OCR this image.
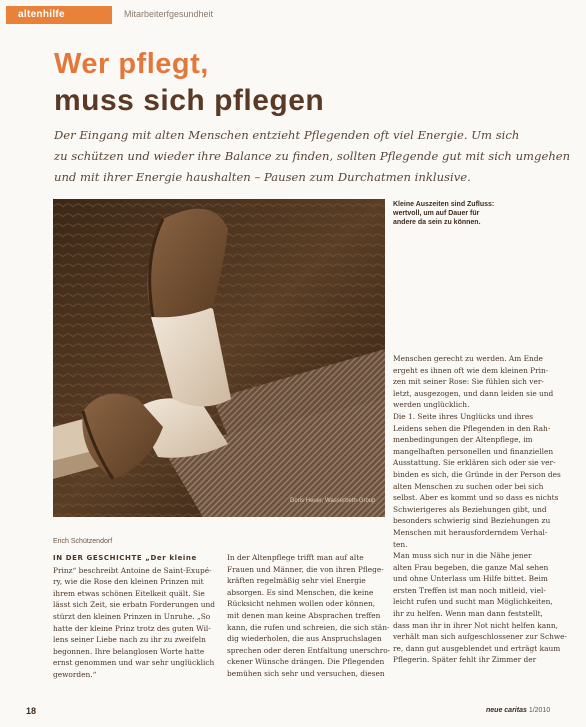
altenhilfe	Mitarbeiterfgesundheit
Wer pflegt,
muss sich pflegen
Der Eingang mit alten Menschen entzieht Pflegenden oft viel Energie. Um sich
zu schützen und wieder ihre Balance zu finden, sollten Pflegende gut mit sich umgehen
und mit ihrer Energie haushalten – Pausen zum Durchatmen inklusive.
Doris Heuer, Wasserbeth-Group
Kleine Auszeiten sind Zufluss:
wertvoll, um auf Dauer für
andere da sein zu können.
Erich Schützendorf
IN DER GESCHICHTE „Der kleine
Prinz“ beschreibt Antoine de Saint-Exupé-
ry, wie die Rose den kleinen Prinzen mit
ihrem etwas schönen Eitelkeit quält. Sie
lässt sich Zeit, sie erbatn Forderungen und
stürzt den kleinen Prinzen in Unruhe. „So
hatte der kleine Prinz trotz des guten Wil-
lens seiner Liebe nach zu ihr zu zweifeln
begonnen. Ihre belanglosen Worte hatte
ernst genommen und war sehr unglücklich
geworden.“
In der Altenpflege trifft man auf alte
Frauen und Männer, die von ihren Pflege-
kräften regelmäßig sehr viel Energie
absorgen. Es sind Menschen, die keine
Rücksicht nehmen wollen oder können,
mit denen man keine Absprachen treffen
kann, die rufen und schreien, die sich stän-
dig wiederholen, die aus Anspruchslagen
sprechen oder deren Entfaltung unerschro-
ckener Wünsche drängen. Die Pflegenden
bemühen sich sehr und versuchen, diesen
Menschen gerecht zu werden. Am Ende
ergeht es ihnen oft wie dem kleinen Prin-
zen mit seiner Rose: Sie fühlen sich ver-
letzt, ausgezogen, und dann leiden sie und
werden unglücklich.
Die 1. Seite ihres Unglücks und ihres
Leidens sehen die Pflegenden in den Rah-
menbedingungen der Altenpflege, im
mangelhaften personellen und finanziellen
Ausstattung. Sie erklären sich oder sie ver-
binden es sich, die Gründe in der Person des
alten Menschen zu suchen oder bei sich
selbst. Aber es kommt und so dass es nichts
Schwierigeres als Beziehungen gibt, und
besonders schwierig sind Beziehungen zu
Menschen mit herausforderndem Verhal-
ten.
Man muss sich nur in die Nähe jener
alten Frau begeben, die ganze Mal sehen
und ohne Unterlass um Hilfe bittet. Beim
ersten Treffen ist man noch mitleid, viel-
leicht rufen und sucht man Möglichkeiten,
ihr zu helfen. Wenn man dann feststellt,
dass man ihr in ihrer Not nicht helfen kann,
verhält man sich aufgeschlossener zur Schwe-
re, dann gut ausgeblendet und erträgt kaum
Pflegerin. Später fehlt ihr Zimmer der
18	neue caritas 1/2010
